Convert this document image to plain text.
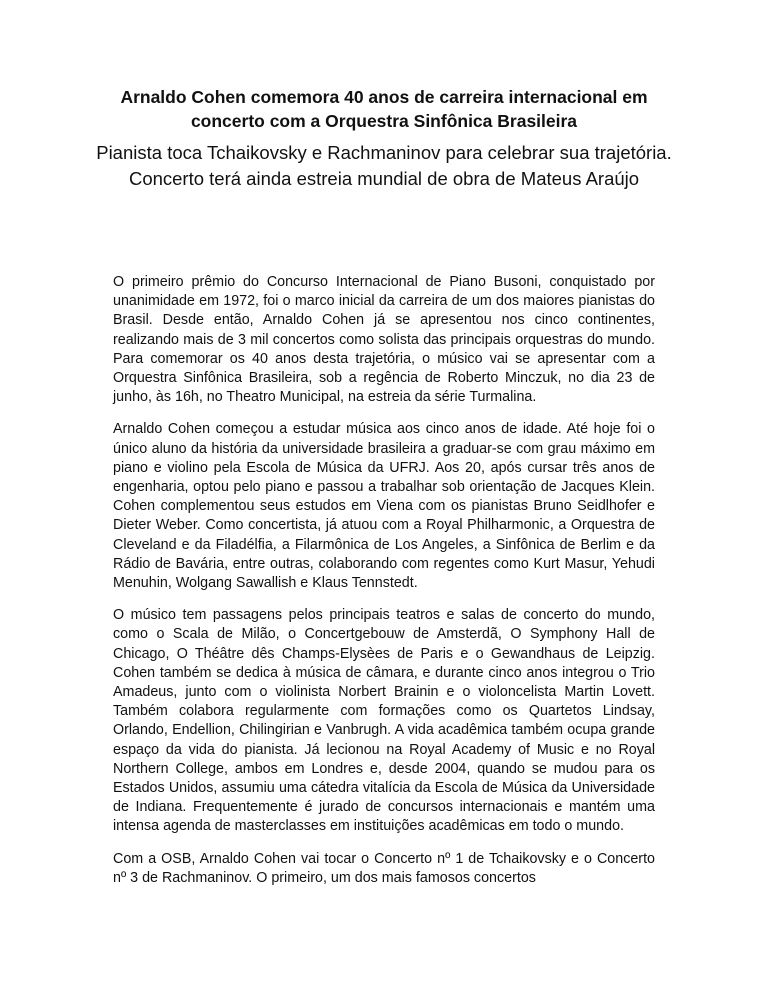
Arnaldo Cohen comemora 40 anos de carreira internacional em concerto com a Orquestra Sinfônica Brasileira
Pianista toca Tchaikovsky e Rachmaninov para celebrar sua trajetória. Concerto terá ainda estreia mundial de obra de Mateus Araújo

O primeiro prêmio do Concurso Internacional de Piano Busoni, conquistado por unanimidade em 1972, foi o marco inicial da carreira de um dos maiores pianistas do Brasil. Desde então, Arnaldo Cohen já se apresentou nos cinco continentes, realizando mais de 3 mil concertos como solista das principais orquestras do mundo. Para comemorar os 40 anos desta trajetória, o músico vai se apresentar com a Orquestra Sinfônica Brasileira, sob a regência de Roberto Minczuk, no dia 23 de junho, às 16h, no Theatro Municipal, na estreia da série Turmalina.

Arnaldo Cohen começou a estudar música aos cinco anos de idade. Até hoje foi o único aluno da história da universidade brasileira a graduar-se com grau máximo em piano e violino pela Escola de Música da UFRJ. Aos 20, após cursar três anos de engenharia, optou pelo piano e passou a trabalhar sob orientação de Jacques Klein. Cohen complementou seus estudos em Viena com os pianistas Bruno Seidlhofer e Dieter Weber. Como concertista, já atuou com a Royal Philharmonic, a Orquestra de Cleveland e da Filadélfia, a Filarmônica de Los Angeles, a Sinfônica de Berlim e da Rádio de Bavária, entre outras, colaborando com regentes como Kurt Masur, Yehudi Menuhin, Wolgang Sawallish e Klaus Tennstedt.

O músico tem passagens pelos principais teatros e salas de concerto do mundo, como o Scala de Milão, o Concertgebouw de Amsterdã, O Symphony Hall de Chicago, O Théâtre dês Champs-Elysèes de Paris e o Gewandhaus de Leipzig. Cohen também se dedica à música de câmara, e durante cinco anos integrou o Trio Amadeus, junto com o violinista Norbert Brainin e o violoncelista Martin Lovett. Também colabora regularmente com formações como os Quartetos Lindsay, Orlando, Endellion, Chilingirian e Vanbrugh. A vida acadêmica também ocupa grande espaço da vida do pianista. Já lecionou na Royal Academy of Music e no Royal Northern College, ambos em Londres e, desde 2004, quando se mudou para os Estados Unidos, assumiu uma cátedra vitalícia da Escola de Música da Universidade de Indiana. Frequentemente é jurado de concursos internacionais e mantém uma intensa agenda de masterclasses em instituições acadêmicas em todo o mundo.

Com a OSB, Arnaldo Cohen vai tocar o Concerto nº 1 de Tchaikovsky e o Concerto nº 3 de Rachmaninov. O primeiro, um dos mais famosos concertos
